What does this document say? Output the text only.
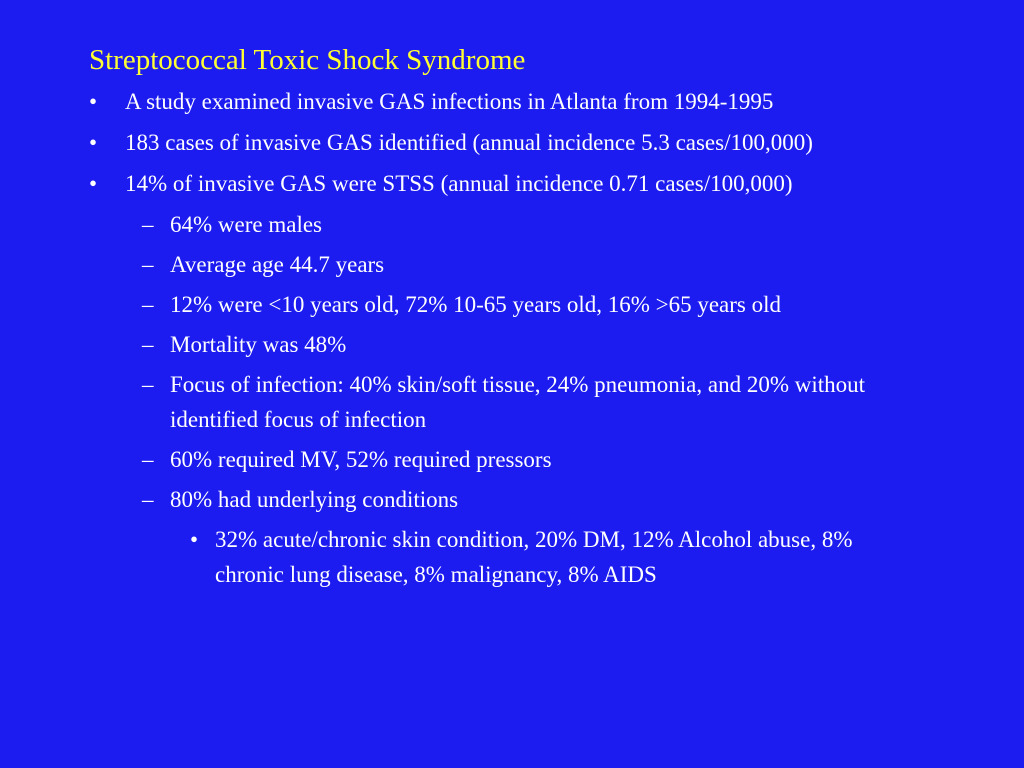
Streptococcal Toxic Shock Syndrome
• A study examined invasive GAS infections in Atlanta from 1994-1995
• 183 cases of invasive GAS identified (annual incidence 5.3 cases/100,000)
• 14% of invasive GAS were STSS (annual incidence 0.71 cases/100,000)
– 64% were males
– Average age 44.7 years
– 12% were <10 years old, 72% 10-65 years old, 16% >65 years old
– Mortality was 48%
– Focus of infection: 40% skin/soft tissue, 24% pneumonia, and 20% without identified focus of infection
– 60% required MV, 52% required pressors
– 80% had underlying conditions
• 32% acute/chronic skin condition, 20% DM, 12% Alcohol abuse, 8% chronic lung disease, 8% malignancy, 8% AIDS
